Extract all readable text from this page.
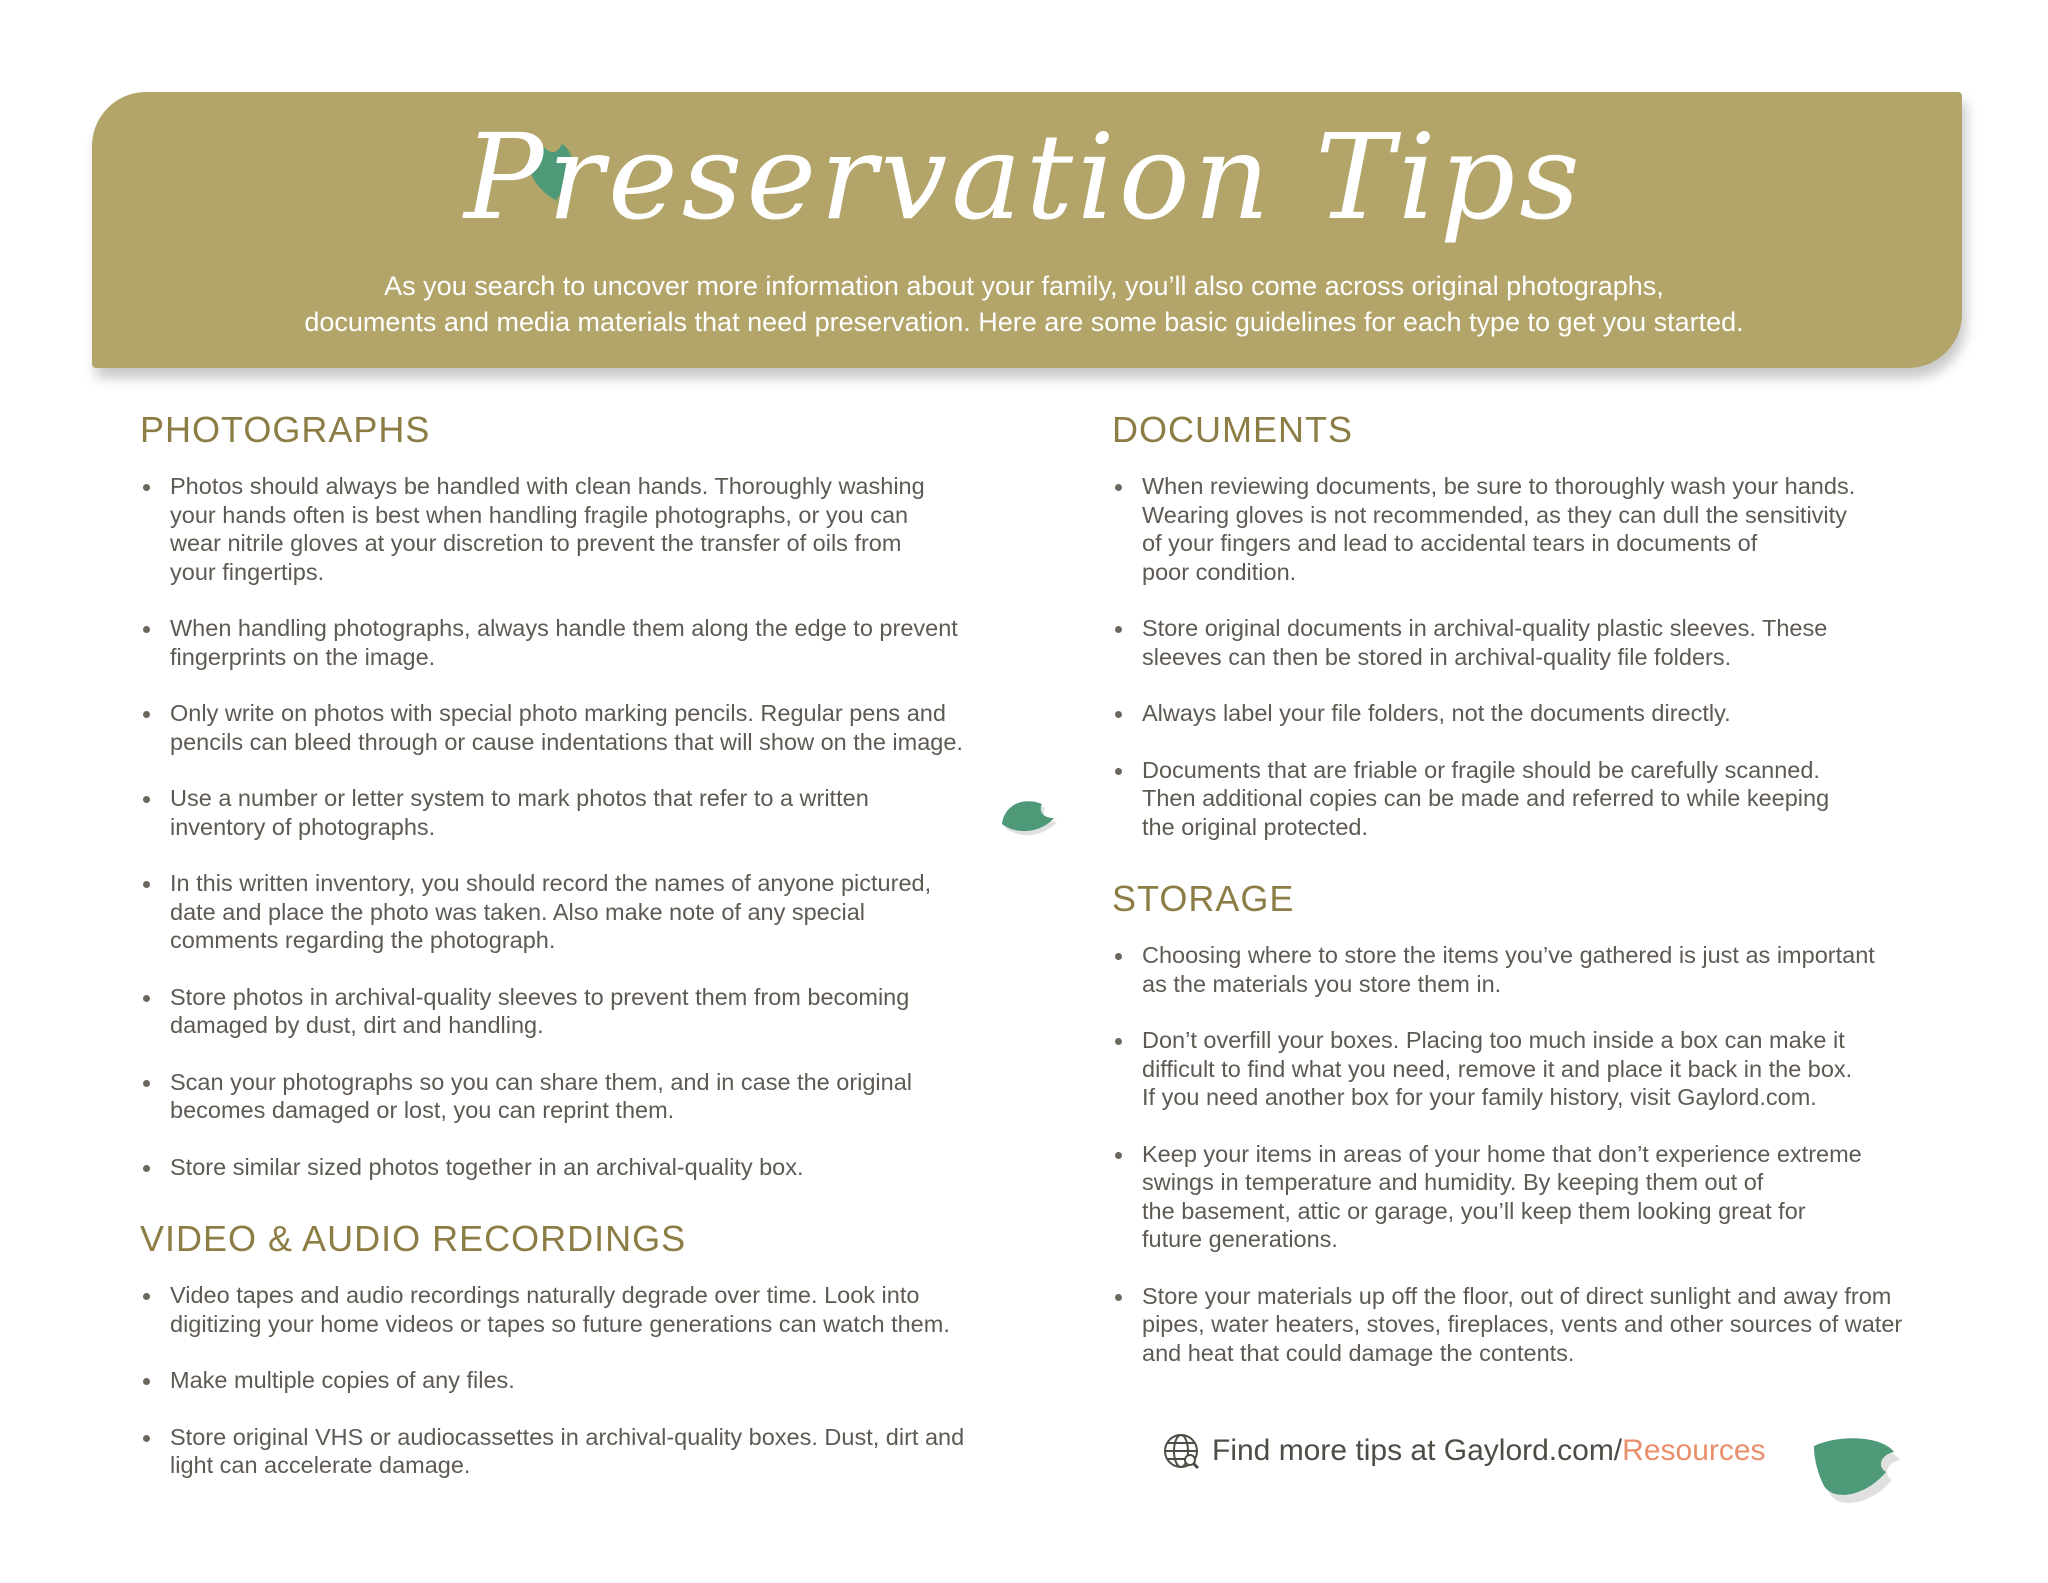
Preservation Tips
As you search to uncover more information about your family, you’ll also come across original photographs,
documents and media materials that need preservation. Here are some basic guidelines for each type to get you started.
PHOTOGRAPHS
Photos should always be handled with clean hands. Thoroughly washing
your hands often is best when handling fragile photographs, or you can
wear nitrile gloves at your discretion to prevent the transfer of oils from
your fingertips.
When handling photographs, always handle them along the edge to prevent
fingerprints on the image.
Only write on photos with special photo marking pencils. Regular pens and
pencils can bleed through or cause indentations that will show on the image.
Use a number or letter system to mark photos that refer to a written
inventory of photographs.
In this written inventory, you should record the names of anyone pictured,
date and place the photo was taken. Also make note of any special
comments regarding the photograph.
Store photos in archival-quality sleeves to prevent them from becoming
damaged by dust, dirt and handling.
Scan your photographs so you can share them, and in case the original
becomes damaged or lost, you can reprint them.
Store similar sized photos together in an archival-quality box.
VIDEO & AUDIO RECORDINGS
Video tapes and audio recordings naturally degrade over time. Look into
digitizing your home videos or tapes so future generations can watch them.
Make multiple copies of any files.
Store original VHS or audiocassettes in archival-quality boxes. Dust, dirt and
light can accelerate damage.
DOCUMENTS
When reviewing documents, be sure to thoroughly wash your hands.
Wearing gloves is not recommended, as they can dull the sensitivity
of your fingers and lead to accidental tears in documents of
poor condition.
Store original documents in archival-quality plastic sleeves. These
sleeves can then be stored in archival-quality file folders.
Always label your file folders, not the documents directly.
Documents that are friable or fragile should be carefully scanned.
Then additional copies can be made and referred to while keeping
the original protected.
STORAGE
Choosing where to store the items you’ve gathered is just as important
as the materials you store them in.
Don’t overfill your boxes. Placing too much inside a box can make it
difficult to find what you need, remove it and place it back in the box.
If you need another box for your family history, visit Gaylord.com.
Keep your items in areas of your home that don’t experience extreme
swings in temperature and humidity. By keeping them out of
the basement, attic or garage, you’ll keep them looking great for
future generations.
Store your materials up off the floor, out of direct sunlight and away from
pipes, water heaters, stoves, fireplaces, vents and other sources of water
and heat that could damage the contents.
Find more tips at Gaylord.com/Resources
